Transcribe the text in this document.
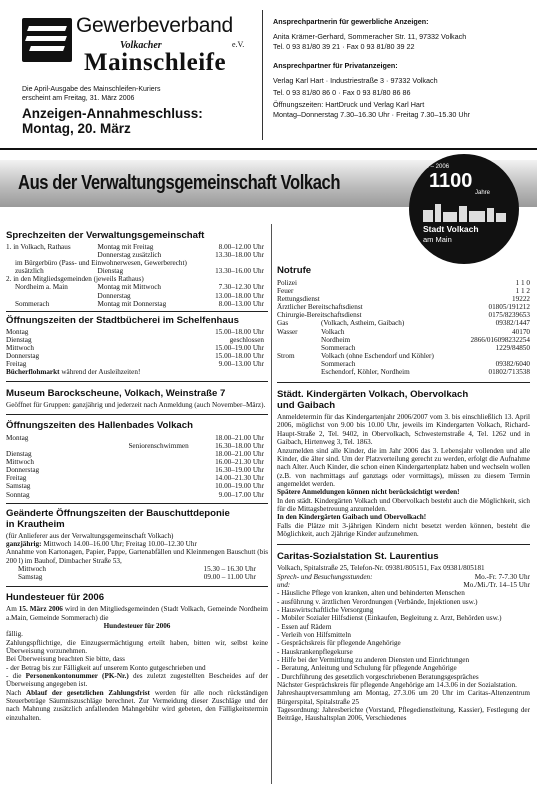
Gewerbeverband
Volkacher	e.V.
Mainschleife
Die April-Ausgabe des Mainschleifen-Kuriers
erscheint am Freitag, 31. März 2006
Anzeigen-Annahmeschluss:
Montag, 20. März
Ansprechpartnerin für gewerbliche Anzeigen:
Anita Krämer-Gerhard, Sommeracher Str. 11, 97332 Volkach
Tel. 0 93 81/80 39 21 · Fax 0 93 81/80 39 22
Ansprechpartner für Privatanzeigen:
Verlag Karl Hart · Industriestraße 3 · 97332 Volkach
Tel. 0 93 81/80 86 0 · Fax 0 93 81/80 86 86
Öffnungszeiten: HartDruck und Verlag Karl Hart
Montag–Donnerstag 7.30–16.30 Uhr · Freitag 7.30–15.30 Uhr
Aus der Verwaltungsgemeinschaft Volkach
906 – 2006
1100
Jahre
Stadt Volkach
am Main
Sprechzeiten der Verwaltungsgemeinschaft
1. in Volkach, Rathaus	Montag mit Freitag	8.00–12.00 Uhr
	Donnerstag zusätzlich	13.30–18.00 Uhr
im Bürgerbüro (Pass- und Einwohnerwesen, Gewerberecht)		
zusätzlich	Dienstag	13.30–16.00 Uhr
2. in den Mitgliedsgemeinden (jeweils Rathaus)		
Nordheim a. Main	Montag mit Mittwoch	7.30–12.30 Uhr
	Donnerstag	13.00–18.00 Uhr
Sommerach	Montag mit Donnerstag	8.00–13.00 Uhr
Öffnungszeiten der Stadtbücherei im Schelfenhaus
Montag	15.00–18.00 Uhr
Dienstag	geschlossen
Mittwoch	15.00–19.00 Uhr
Donnerstag	15.00–18.00 Uhr
Freitag	9.00–13.00 Uhr
Bücherflohmarkt während der Ausleihzeiten!
Museum Barockscheune, Volkach, Weinstraße 7
Geöffnet für Gruppen: ganzjährig und jederzeit nach Anmeldung (auch November–März).
Öffnungszeiten des Hallenbades Volkach
Montag		18.00–21.00 Uhr
	Seniorenschwimmen	16.30–18.00 Uhr
Dienstag		18.00–21.00 Uhr
Mittwoch		16.00–21.30 Uhr
Donnerstag		16.30–19.00 Uhr
Freitag		14.00–21.30 Uhr
Samstag		10.00–19.00 Uhr
Sonntag		9.00–17.00 Uhr
Geänderte Öffnungszeiten der Bauschuttdeponie
in Krautheim
(für Anlieferer aus der Verwaltungsgemeinschaft Volkach)
ganzjährig: Mittwoch 14.00–16.00 Uhr; Freitag 10.00–12.30 Uhr
Annahme von Kartonagen, Papier, Pappe, Gartenabfällen und Kleinmengen Bauschutt (bis 200 l) im Bauhof, Dimbacher Straße 53,
Mittwoch	15.30 – 16.30 Uhr
Samstag	09.00 – 11.00 Uhr
Hundesteuer für 2006
Am 15. März 2006 wird in den Mitgliedsgemeinden (Stadt Volkach, Gemeinde Nordheim a.Main, Gemeinde Sommerach) die
Hundesteuer für 2006
fällig.
Zahlungspflichtige, die Einzugsermächtigung erteilt haben, bitten wir, selbst keine Überweisung vorzunehmen.
Bei Überweisung beachten Sie bitte, dass
- der Betrag bis zur Fälligkeit auf unserem Konto gutgeschrieben und
- die Personenkontonummer (PK-Nr.) des zuletzt zugestellten Bescheides auf der Überweisung angegeben ist.
Nach Ablauf der gesetzlichen Zahlungsfrist werden für alle noch rückständigen Steuerbeträge Säumniszuschläge berechnet. Zur Vermeidung dieser Zuschläge und der nach Mahnung zusätzlich anfallenden Mahngebühr wird gebeten, den Fälligkeitstermin einzuhalten.
Notrufe
Polizei		1 1 0
Feuer		1 1 2
Rettungsdienst		19222
Ärztlicher Bereitschaftsdienst		01805/191212
Chirurgie-Bereitschaftsdienst		0175/8239653
Gas	(Volkach, Astheim, Gaibach)	09382/1447
Wasser	Volkach	40170
	Nordheim	2866/016098232254
	Sommerach	1229/84850
Strom	Volkach (ohne Eschendorf und Köhler)	
	Sommerach	09382/6040
	Eschendorf, Köhler, Nordheim	01802/713538
Städt. Kindergärten Volkach, Obervolkach
und Gaibach
Anmeldetermin für das Kindergartenjahr 2006/2007 vom 3. bis einschließlich 13. April 2006, möglichst von 9.00 bis 10.00 Uhr, jeweils im Kindergarten Volkach, Richard-Haupt-Straße 2, Tel. 9402, in Obervolkach, Schwesternstraße 4, Tel. 1262 und in Gaibach, Hirtenweg 3, Tel. 1863.
Anzumelden sind alle Kinder, die im Jahr 2006 das 3. Lebensjahr vollenden und alle Kinder, die älter sind. Um der Platzverteilung gerecht zu werden, erfolgt die Aufnahme nach Alter. Auch Kinder, die schon einen Kindergartenplatz haben und wechseln wollen (z.B. von nachmittags auf ganztags oder vormittags), müssen zu diesem Termin angemeldet werden.
Spätere Anmeldungen können nicht berücksichtigt werden!
In den städt. Kindergärten Volkach und Obervolkach besteht auch die Möglichkeit, sich für die Mittagsbetreuung anzumelden.
In den Kindergärten Gaibach und Obervolkach!
Falls die Plätze mit 3-jährigen Kindern nicht besetzt werden können, besteht die Möglichkeit, auch 2jährige Kinder aufzunehmen.
Caritas-Sozialstation St. Laurentius
Volkach, Spitalstraße 25, Telefon-Nr. 09381/805151, Fax 09381/805181
Sprech- und Besuchungsstunden:	Mo.-Fr. 7-7.30 Uhr
und:	Mo./Mi./Tr. 14–15 Uhr
- Häusliche Pflege von kranken, alten und behinderten Menschen
- ausführung v. ärztlichen Verordnungen (Verbände, Injektionen usw.)
- Hauswirtschaftliche Versorgung
- Mobiler Sozialer Hilfsdienst (Einkaufen, Begleitung z. Arzt, Behörden usw.)
- Essen auf Rädern
- Verleih von Hilfsmitteln
- Gesprächskreis für pflegende Angehörige
- Hauskrankenpflegekurse
- Hilfe bei der Vermittlung zu anderen Diensten und Einrichtungen
- Beratung, Anleitung und Schulung für pflegende Angehörige
- Durchführung des gesetzlich vorgeschriebenen Beratungsgespräches
Nächster Gesprächskreis für pflegende Angehörige am 14.3.06 in der Sozialstation.
Jahreshauptversammlung am Montag, 27.3.06 um 20 Uhr im Caritas-Altenzentrum Bürgerspital, Spitalstraße 25
Tagesordnung: Jahresberichte (Vorstand, Pflegedienstleitung, Kassier), Festlegung der Beiträge, Haushaltsplan 2006, Verschiedenes
